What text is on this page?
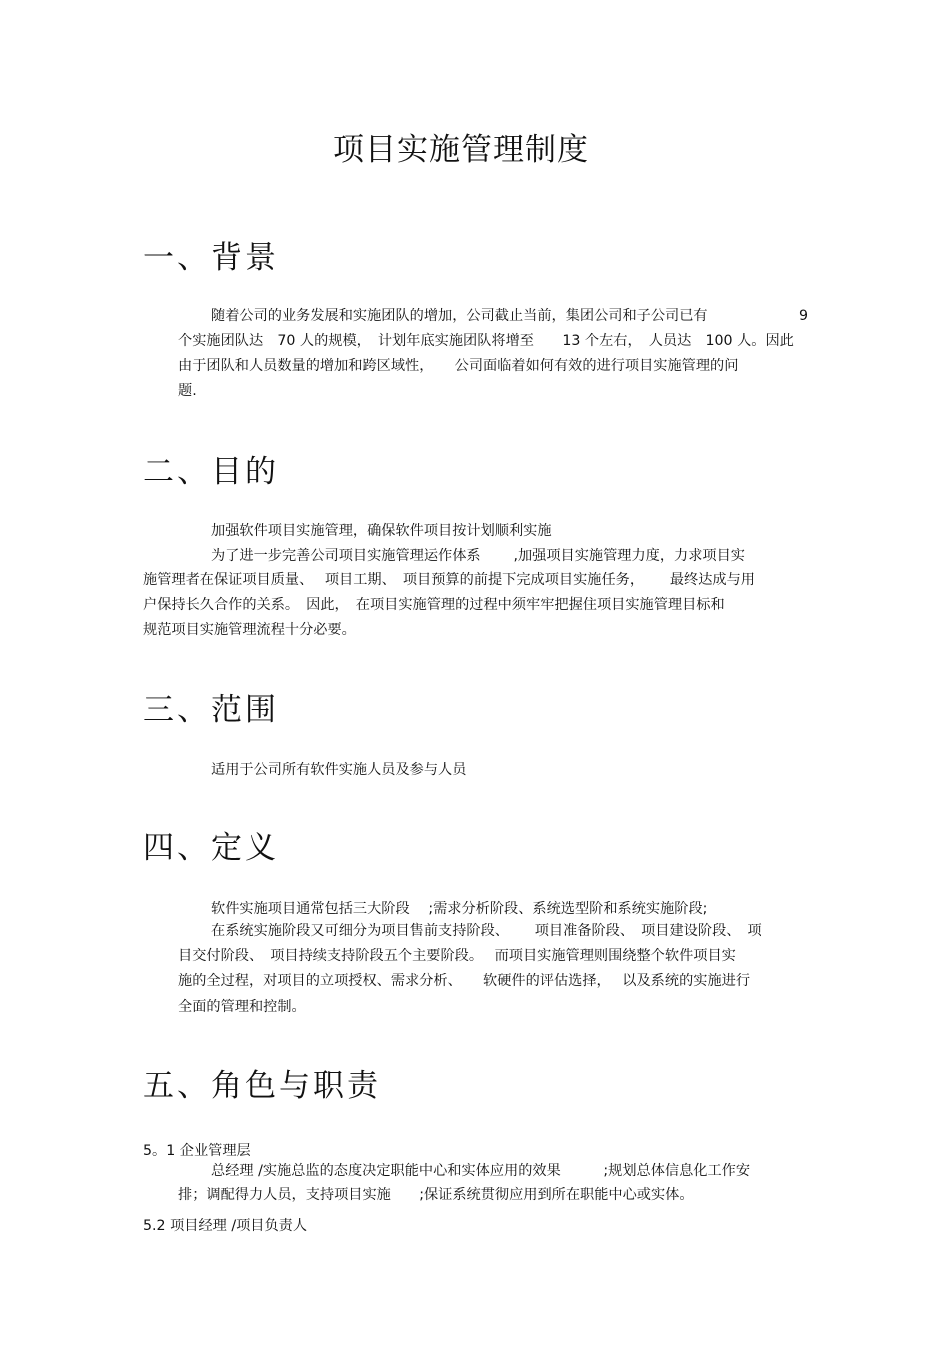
项目实施管理制度
一、背景
随着公司的业务发展和实施团队的增加，公司截止当前，集团公司和子公司已有	9
个实施团队达　70 人的规模，　计划年底实施团队将增至　　13 个左右，　人员达　100 人。因此
由于团队和人员数量的增加和跨区域性，　　公司面临着如何有效的进行项目实施管理的问
题.
二、目的
加强软件项目实施管理，确保软件项目按计划顺利实施
为了进一步完善公司项目实施管理运作体系　　 ,加强项目实施管理力度，力求项目实
施管理者在保证项目质量、　 项目工期、　项目预算的前提下完成项目实施任务，　　 最终达成与用
户保持长久合作的关系。　因此，　在项目实施管理的过程中须牢牢把握住项目实施管理目标和
规范项目实施管理流程十分必要。
三、范围
适用于公司所有软件实施人员及参与人员
四、定义
软件实施项目通常包括三大阶段　 ;需求分析阶段、系统选型阶和系统实施阶段;
在系统实施阶段又可细分为项目售前支持阶段、　　 项目准备阶段、　项目建设阶段、　项
目交付阶段、　项目持续支持阶段五个主要阶段。　 而项目实施管理则围绕整个软件项目实
施的全过程，对项目的立项授权、需求分析、　　软硬件的评估选择，　 以及系统的实施进行
全面的管理和控制。
五、角色与职责
5。1 企业管理层
总经理 /实施总监的态度决定职能中心和实体应用的效果　　　;规划总体信息化工作安
排；调配得力人员，支持项目实施　　;保证系统贯彻应用到所在职能中心或实体。
5.2 项目经理 /项目负责人
